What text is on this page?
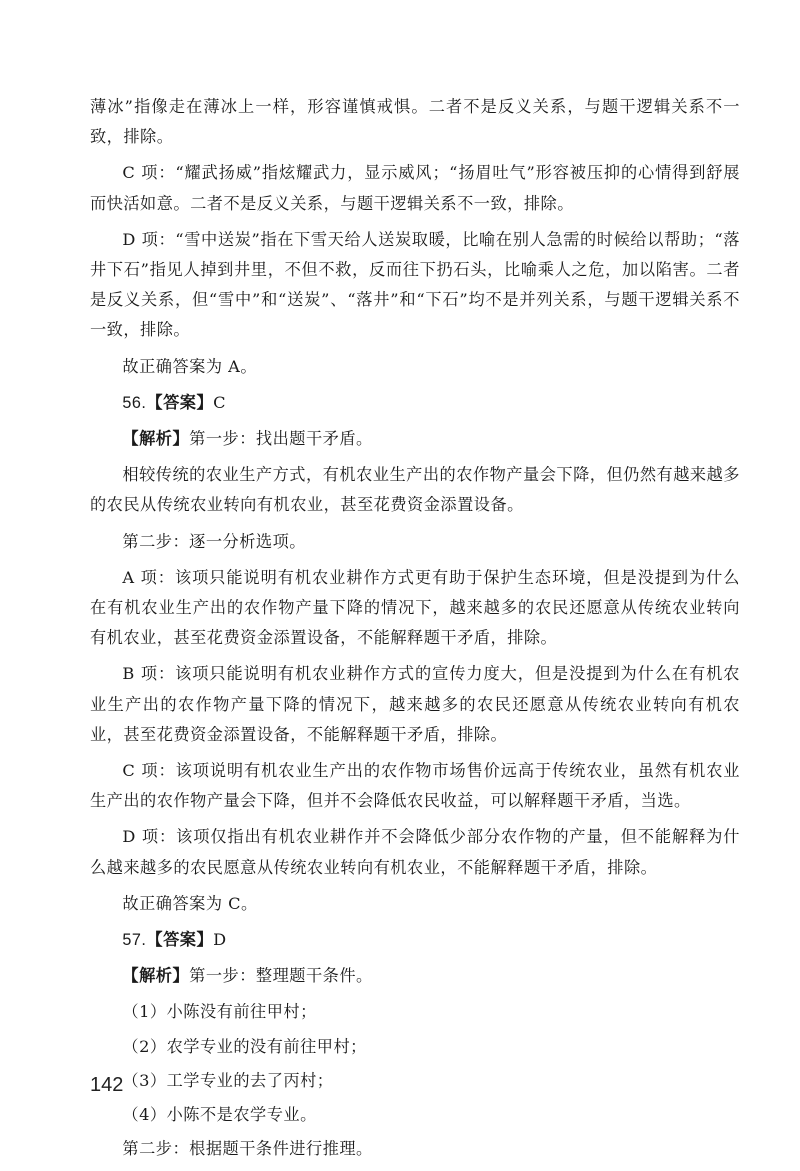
薄冰”指像走在薄冰上一样，形容谨慎戒惧。二者不是反义关系，与题干逻辑关系不一致，排除。

C 项：“耀武扬威”指炫耀武力，显示威风；“扬眉吐气”形容被压抑的心情得到舒展而快活如意。二者不是反义关系，与题干逻辑关系不一致，排除。

D 项：“雪中送炭”指在下雪天给人送炭取暖，比喻在别人急需的时候给以帮助；“落井下石”指见人掉到井里，不但不救，反而往下扔石头，比喻乘人之危，加以陷害。二者是反义关系，但“雪中”和“送炭”、“落井”和“下石”均不是并列关系，与题干逻辑关系不一致，排除。

故正确答案为 A。

56.【答案】C

【解析】第一步：找出题干矛盾。

相较传统的农业生产方式，有机农业生产出的农作物产量会下降，但仍然有越来越多的农民从传统农业转向有机农业，甚至花费资金添置设备。

第二步：逐一分析选项。

A 项：该项只能说明有机农业耕作方式更有助于保护生态环境，但是没提到为什么在有机农业生产出的农作物产量下降的情况下，越来越多的农民还愿意从传统农业转向有机农业，甚至花费资金添置设备，不能解释题干矛盾，排除。

B 项：该项只能说明有机农业耕作方式的宣传力度大，但是没提到为什么在有机农业生产出的农作物产量下降的情况下，越来越多的农民还愿意从传统农业转向有机农业，甚至花费资金添置设备，不能解释题干矛盾，排除。

C 项：该项说明有机农业生产出的农作物市场售价远高于传统农业，虽然有机农业生产出的农作物产量会下降，但并不会降低农民收益，可以解释题干矛盾，当选。

D 项：该项仅指出有机农业耕作并不会降低少部分农作物的产量，但不能解释为什么越来越多的农民愿意从传统农业转向有机农业，不能解释题干矛盾，排除。

故正确答案为 C。

57.【答案】D

【解析】第一步：整理题干条件。

（1）小陈没有前往甲村；

（2）农学专业的没有前往甲村；

（3）工学专业的去了丙村；

（4）小陈不是农学专业。

第二步：根据题干条件进行推理。

142
